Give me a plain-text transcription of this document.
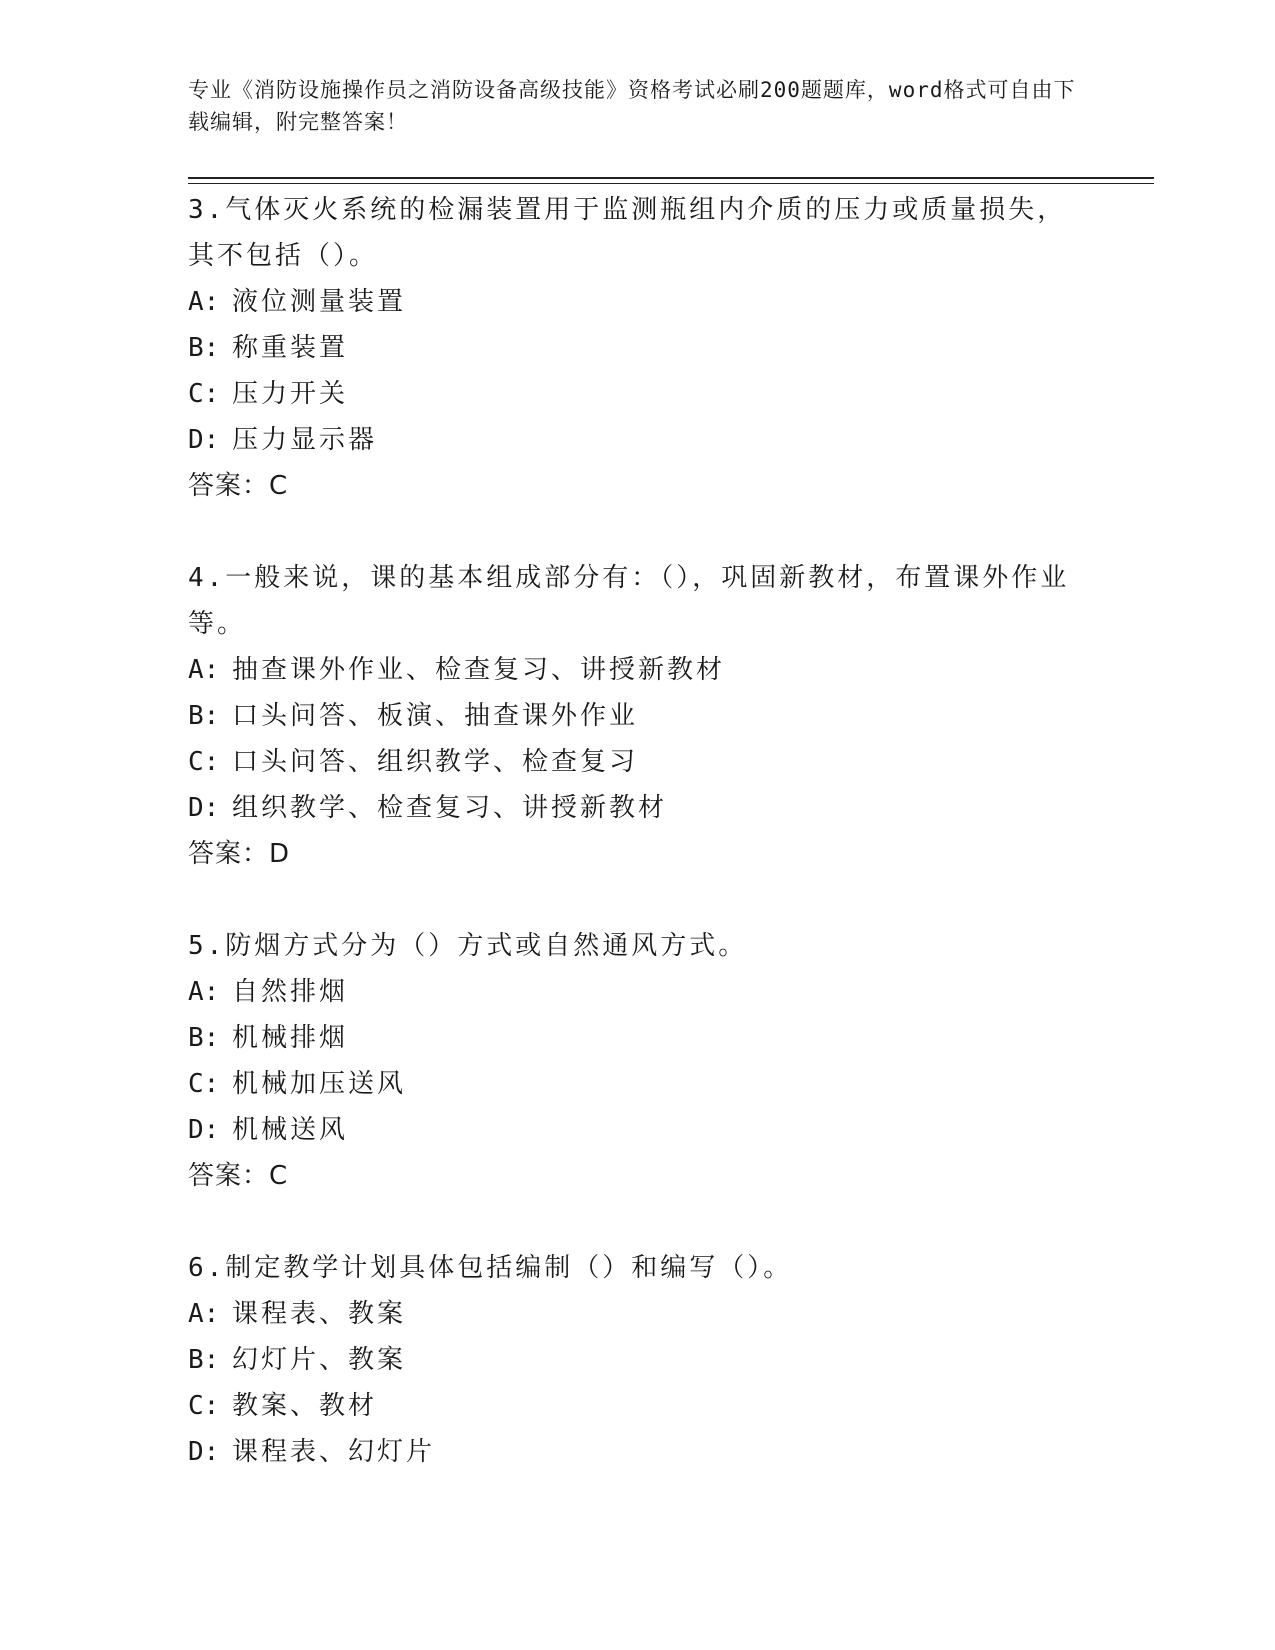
专业《消防设施操作员之消防设备高级技能》资格考试必刷200题题库，word格式可自由下载编辑，附完整答案！

3.气体灭火系统的检漏装置用于监测瓶组内介质的压力或质量损失，其不包括（）。

A: 液位测量装置

B: 称重装置

C: 压力开关

D: 压力显示器

答案：C

4.一般来说，课的基本组成部分有：（），巩固新教材，布置课外作业等。

A: 抽查课外作业、检查复习、讲授新教材

B: 口头问答、板演、抽查课外作业

C: 口头问答、组织教学、检查复习

D: 组织教学、检查复习、讲授新教材

答案：D

5.防烟方式分为（）方式或自然通风方式。

A: 自然排烟

B: 机械排烟

C: 机械加压送风

D: 机械送风

答案：C

6.制定教学计划具体包括编制（）和编写（）。

A: 课程表、教案

B: 幻灯片、教案

C: 教案、教材

D: 课程表、幻灯片
